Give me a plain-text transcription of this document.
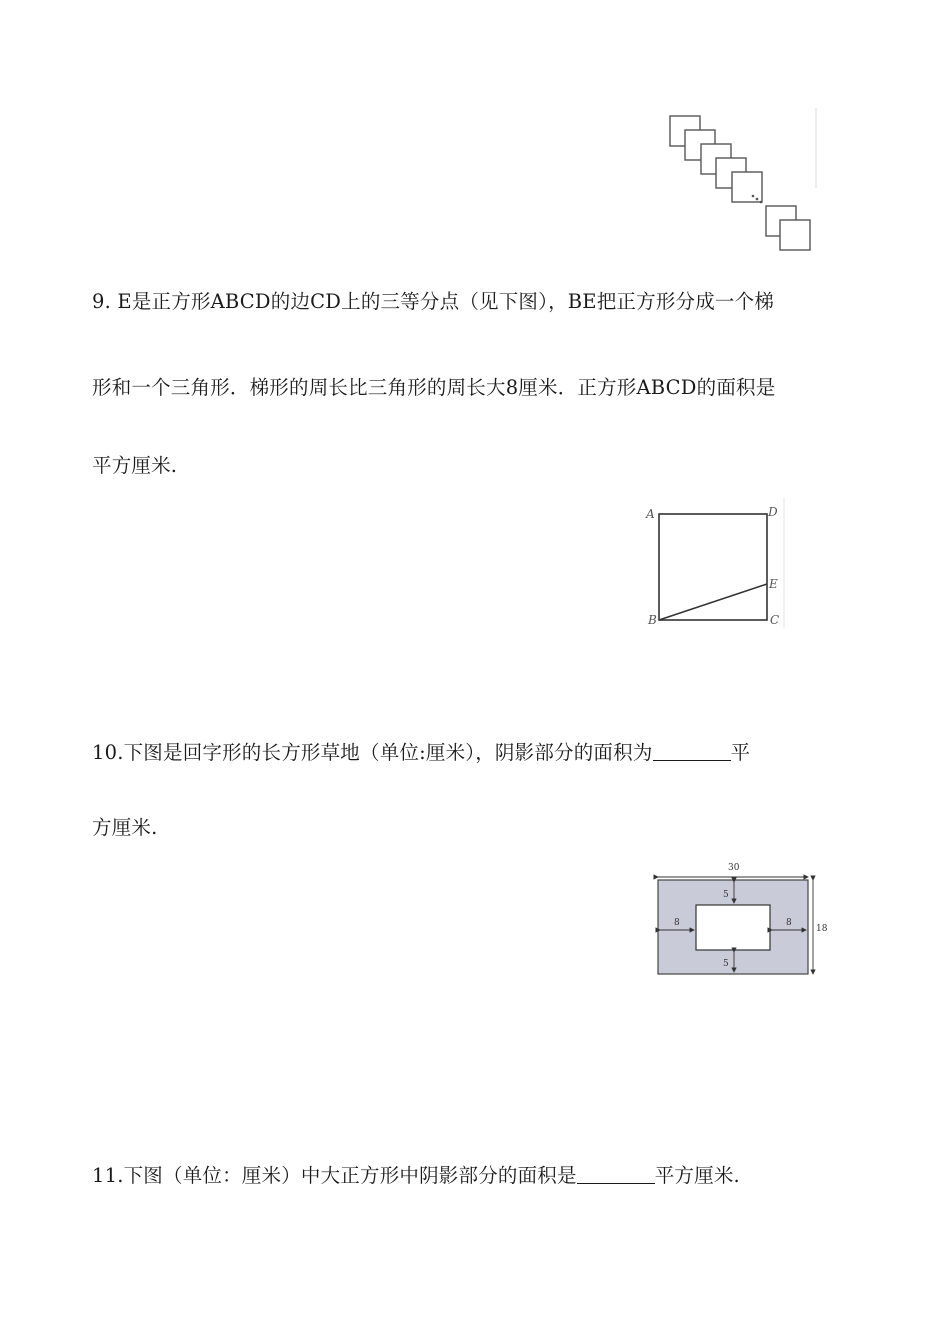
9. E是正方形ABCD的边CD上的三等分点（见下图），BE把正方形分成一个梯
形和一个三角形．梯形的周长比三角形的周长大8厘米．正方形ABCD的面积是
平方厘米.
A	D
E
B	C
10.下图是回字形的长方形草地（单位:厘米），阴影部分的面积为	平
方厘米.
30
18
5
5
8	8
11.下图（单位：厘米）中大正方形中阴影部分的面积是	平方厘米.
